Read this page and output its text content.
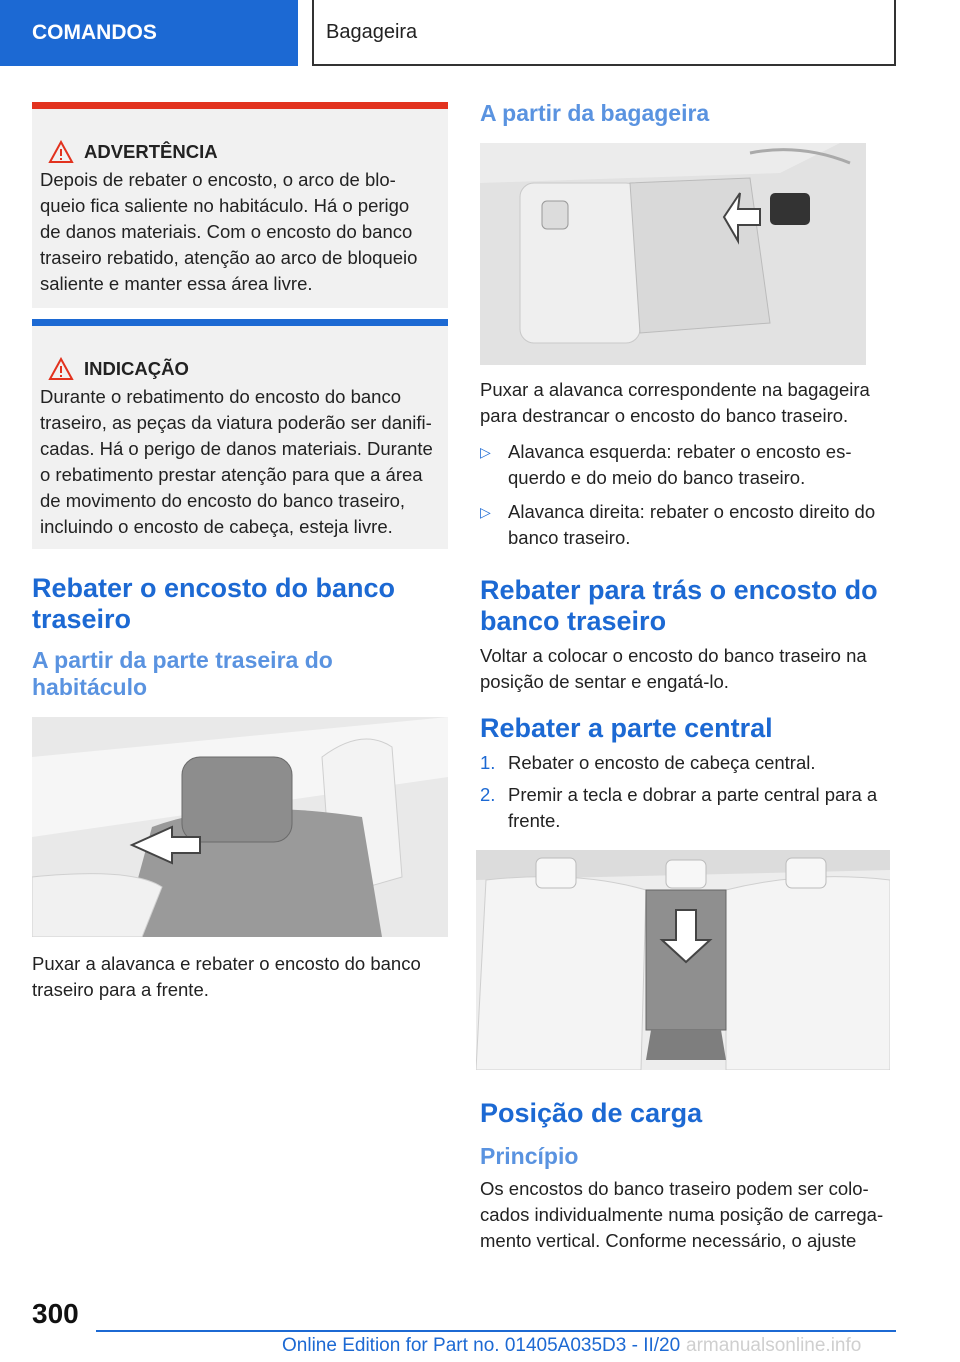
COMANDOS	Bagageira
ADVERTÊNCIA

Depois de rebater o encosto, o arco de blo-
queio fica saliente no habitáculo. Há o perigo
de danos materiais. Com o encosto do banco
traseiro rebatido, atenção ao arco de bloqueio
saliente e manter essa área livre.

INDICAÇÃO

Durante o rebatimento do encosto do banco
traseiro, as peças da viatura poderão ser danifi-
cadas. Há o perigo de danos materiais. Durante
o rebatimento prestar atenção para que a área
de movimento do encosto do banco traseiro,
incluindo o encosto de cabeça, esteja livre.

Rebater o encosto do banco
traseiro
A partir da parte traseira do
habitáculo

Puxar a alavanca e rebater o encosto do banco
traseiro para a frente.

A partir da bagageira

Puxar a alavanca correspondente na bagageira
para destrancar o encosto do banco traseiro.

▷ Alavanca esquerda: rebater o encosto es-
querdo e do meio do banco traseiro.
▷ Alavanca direita: rebater o encosto direito do
banco traseiro.
Rebater para trás o encosto do
banco traseiro

Voltar a colocar o encosto do banco traseiro na
posição de sentar e engatá-lo.

Rebater a parte central
1. Rebater o encosto de cabeça central.
2. Premir a tecla e dobrar a parte central para a
frente.
Posição de carga
Princípio

Os encostos do banco traseiro podem ser colo-
cados individualmente numa posição de carrega-
mento vertical. Conforme necessário, o ajuste

300
Online Edition for Part no. 01405A035D3 - II/20 armanualsonline.info
